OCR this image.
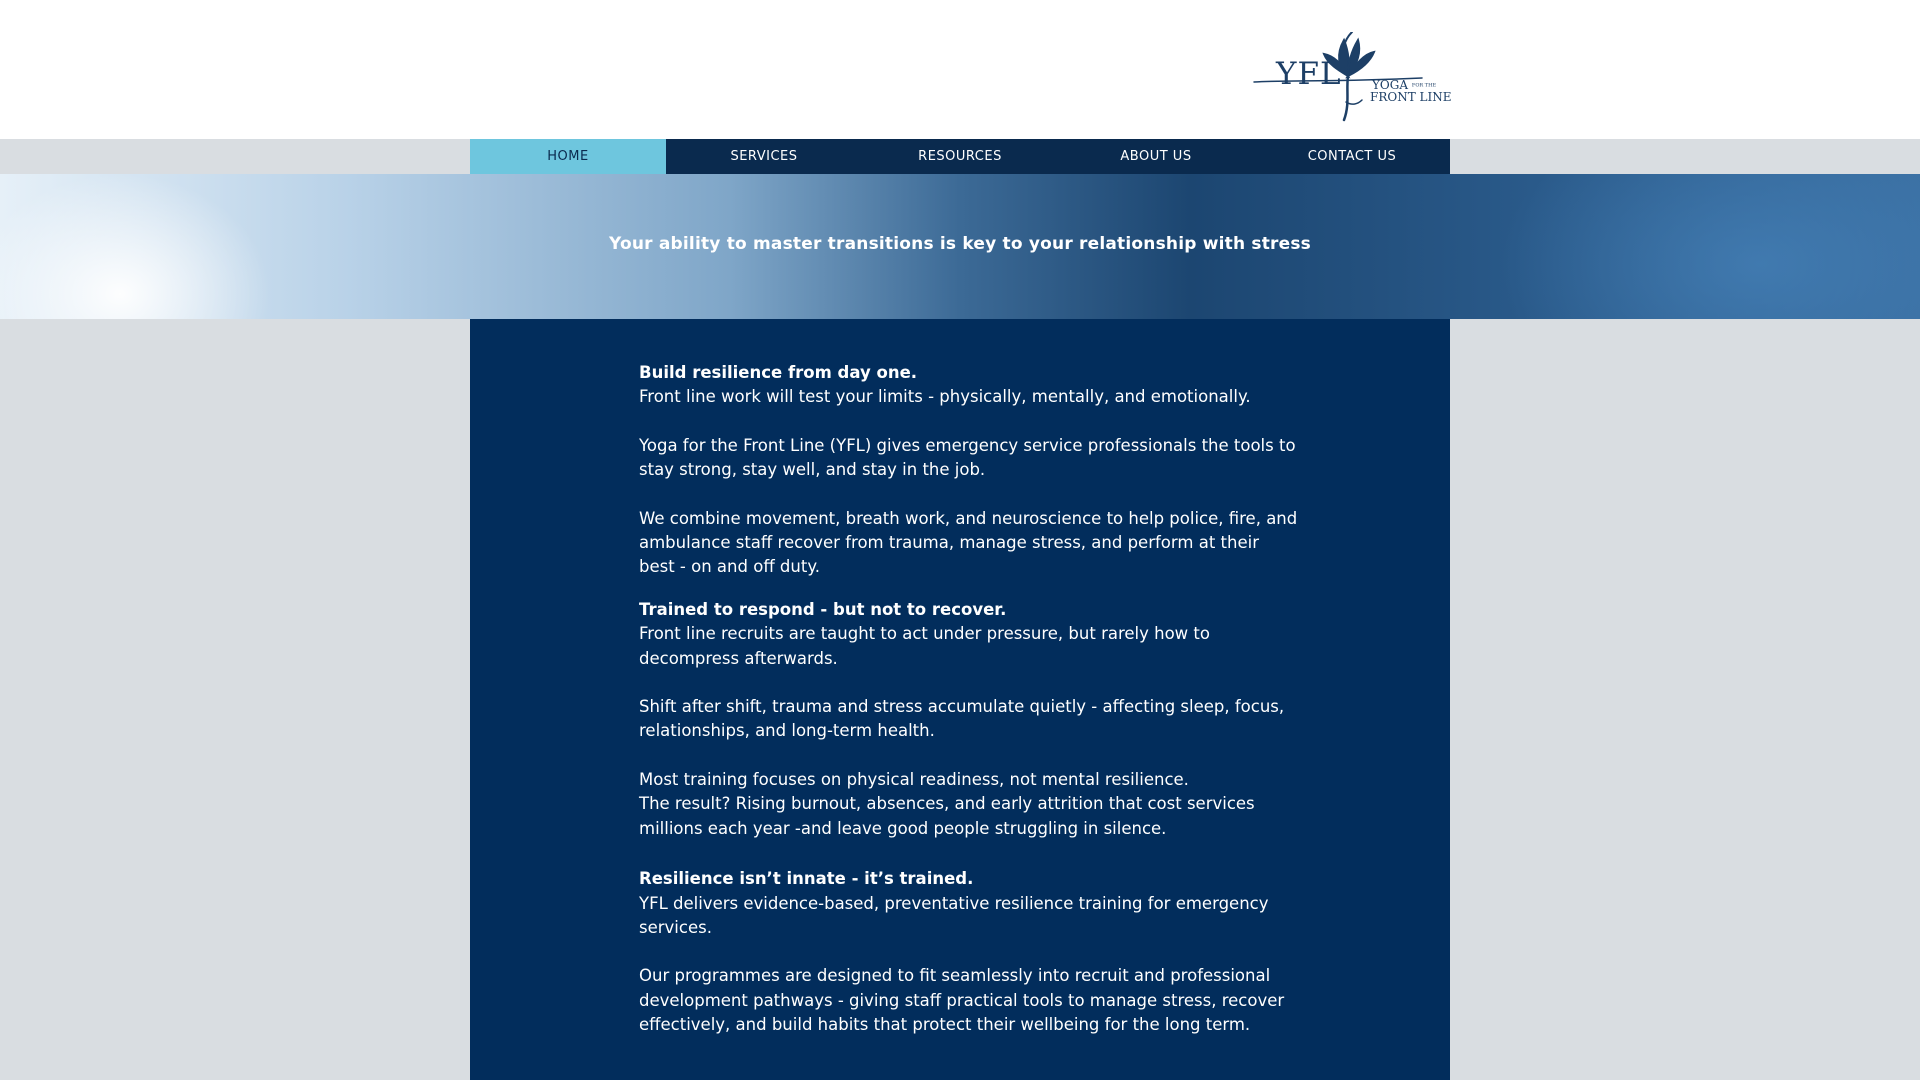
YFL	YOGA FOR THE
FRONT LINE
HOME	SERVICES	RESOURCES	ABOUT US	CONTACT US
Your ability to master transitions is key to your relationship with stress

Build resilience from day one.

Front line work will test your limits - physically, mentally, and emotionally.

Yoga for the Front Line (YFL) gives emergency service professionals the tools to stay strong, stay well, and stay in the job.

We combine movement, breath work, and neuroscience to help police, fire, and ambulance staff recover from trauma, manage stress, and perform at their best - on and off duty.

Trained to respond - but not to recover.

Front line recruits are taught to act under pressure, but rarely how to decompress afterwards.

Shift after shift, trauma and stress accumulate quietly - affecting sleep, focus, relationships, and long-term health.

Most training focuses on physical readiness, not mental resilience.

The result? Rising burnout, absences, and early attrition that cost services millions each year -and leave good people struggling in silence.

Resilience isn’t innate - it’s trained.

YFL delivers evidence-based, preventative resilience training for emergency services.

Our programmes are designed to fit seamlessly into recruit and professional development pathways - giving staff practical tools to manage stress, recover effectively, and build habits that protect their wellbeing for the long term.
